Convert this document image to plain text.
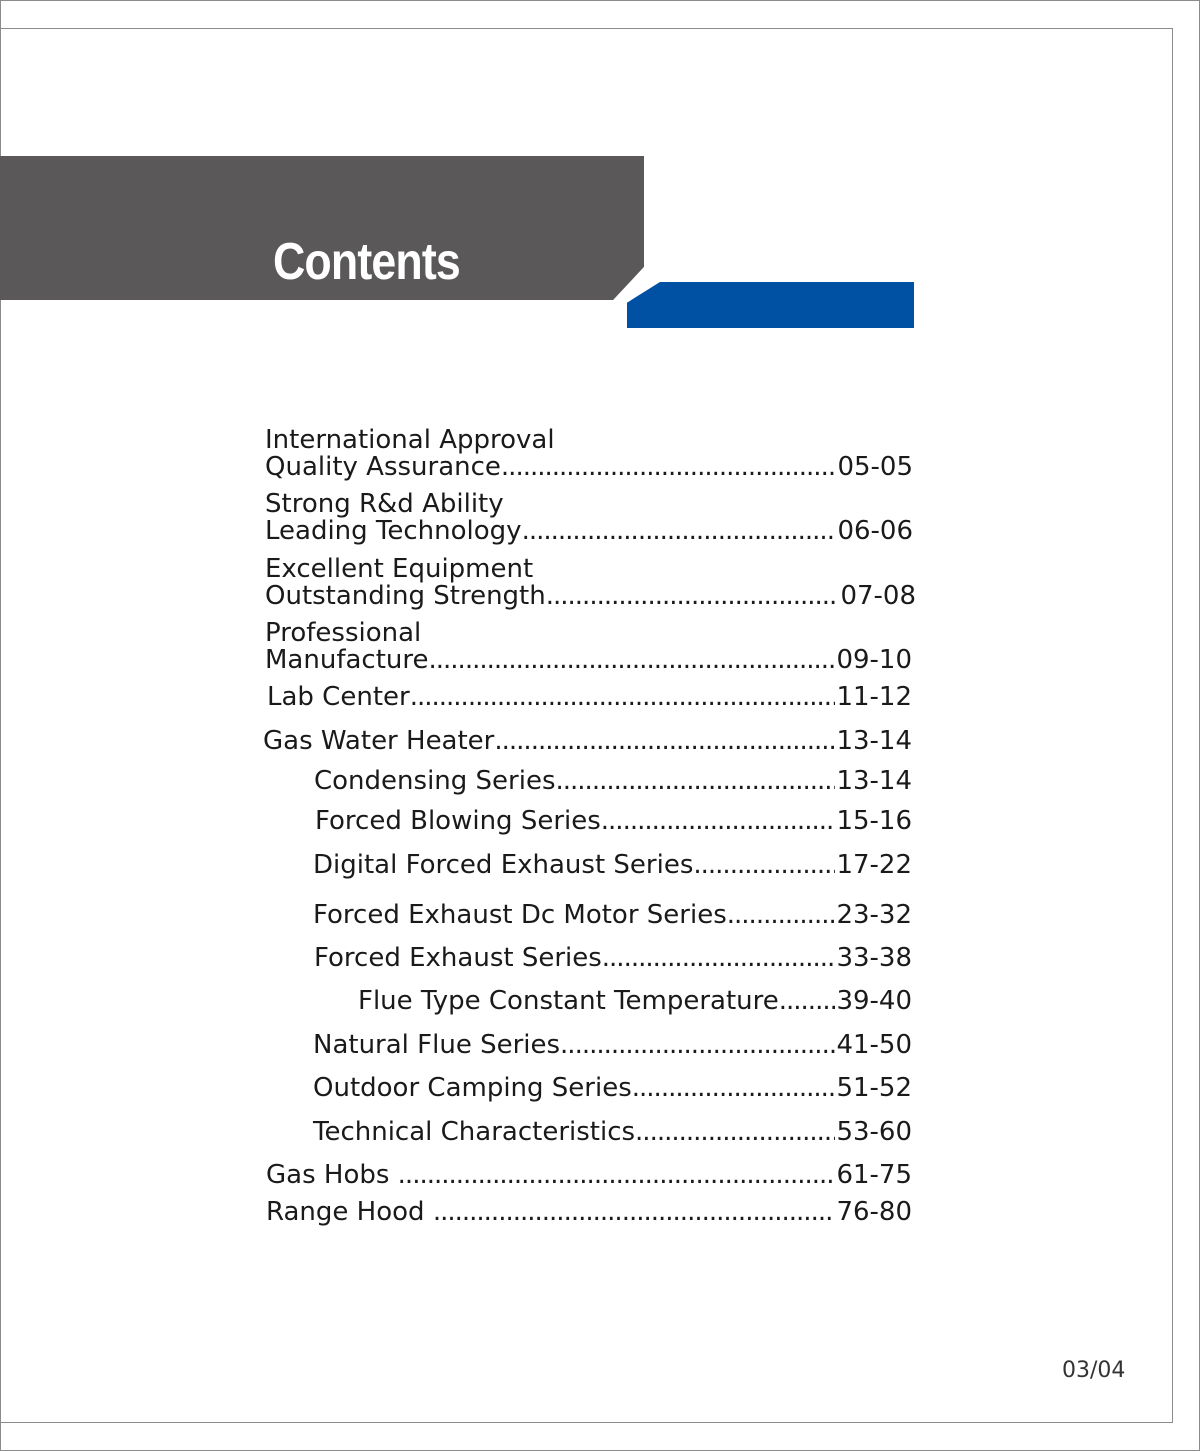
Contents
International Approval
Quality Assurance .....	05-05
Strong R&d Ability
Leading Technology .....	06-06
Excellent Equipment
Outstanding Strength .....	07-08
Professional
Manufacture .....	09-10
Lab Center .....	11-12
Gas Water Heater .....	13-14
Condensing Series .....	13-14
Forced Blowing Series .....	15-16
Digital Forced Exhaust Series .....	17-22
Forced Exhaust Dc Motor Series .....	23-32
Forced Exhaust Series .....	33-38
Flue Type Constant Temperature ..... 39-40
Natural Flue Series .....	41-50
Outdoor Camping Series .....	51-52
Technical Characteristics .....	53-60
Gas Hobs .....	61-75
Range Hood .....	76-80
03/04
